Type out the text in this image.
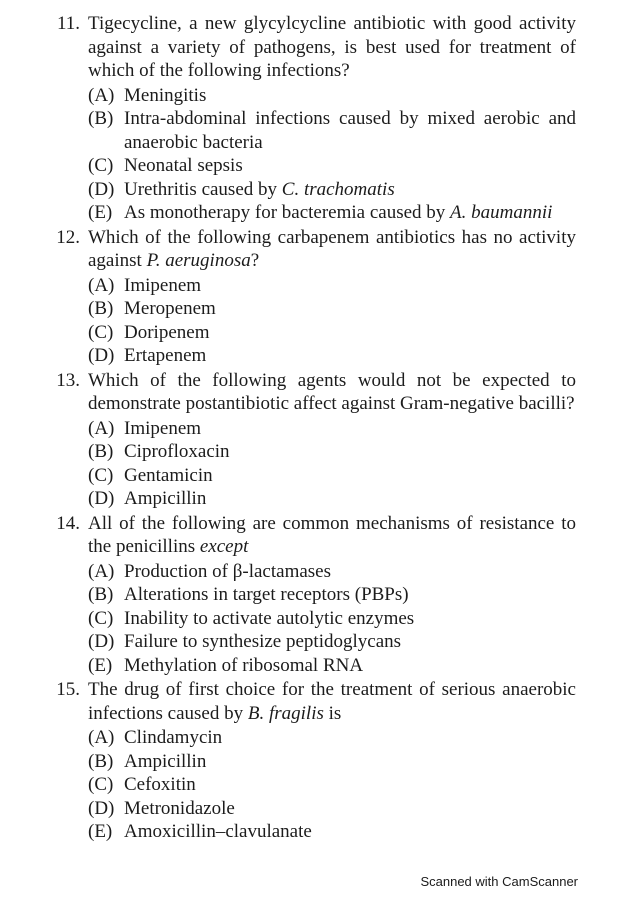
11. Tigecycline, a new glycylcycline antibiotic with good activity against a variety of pathogens, is best used for treatment of which of the following infections?
(A) Meningitis
(B) Intra-abdominal infections caused by mixed aerobic and anaerobic bacteria
(C) Neonatal sepsis
(D) Urethritis caused by C. trachomatis
(E) As monotherapy for bacteremia caused by A. baumannii
12. Which of the following carbapenem antibiotics has no activity against P. aeruginosa?
(A) Imipenem
(B) Meropenem
(C) Doripenem
(D) Ertapenem
13. Which of the following agents would not be expected to demonstrate postantibiotic affect against Gram-negative bacilli?
(A) Imipenem
(B) Ciprofloxacin
(C) Gentamicin
(D) Ampicillin
14. All of the following are common mechanisms of resistance to the penicillins except
(A) Production of β-lactamases
(B) Alterations in target receptors (PBPs)
(C) Inability to activate autolytic enzymes
(D) Failure to synthesize peptidoglycans
(E) Methylation of ribosomal RNA
15. The drug of first choice for the treatment of serious anaerobic infections caused by B. fragilis is
(A) Clindamycin
(B) Ampicillin
(C) Cefoxitin
(D) Metronidazole
(E) Amoxicillin–clavulanate
Scanned with CamScanner
